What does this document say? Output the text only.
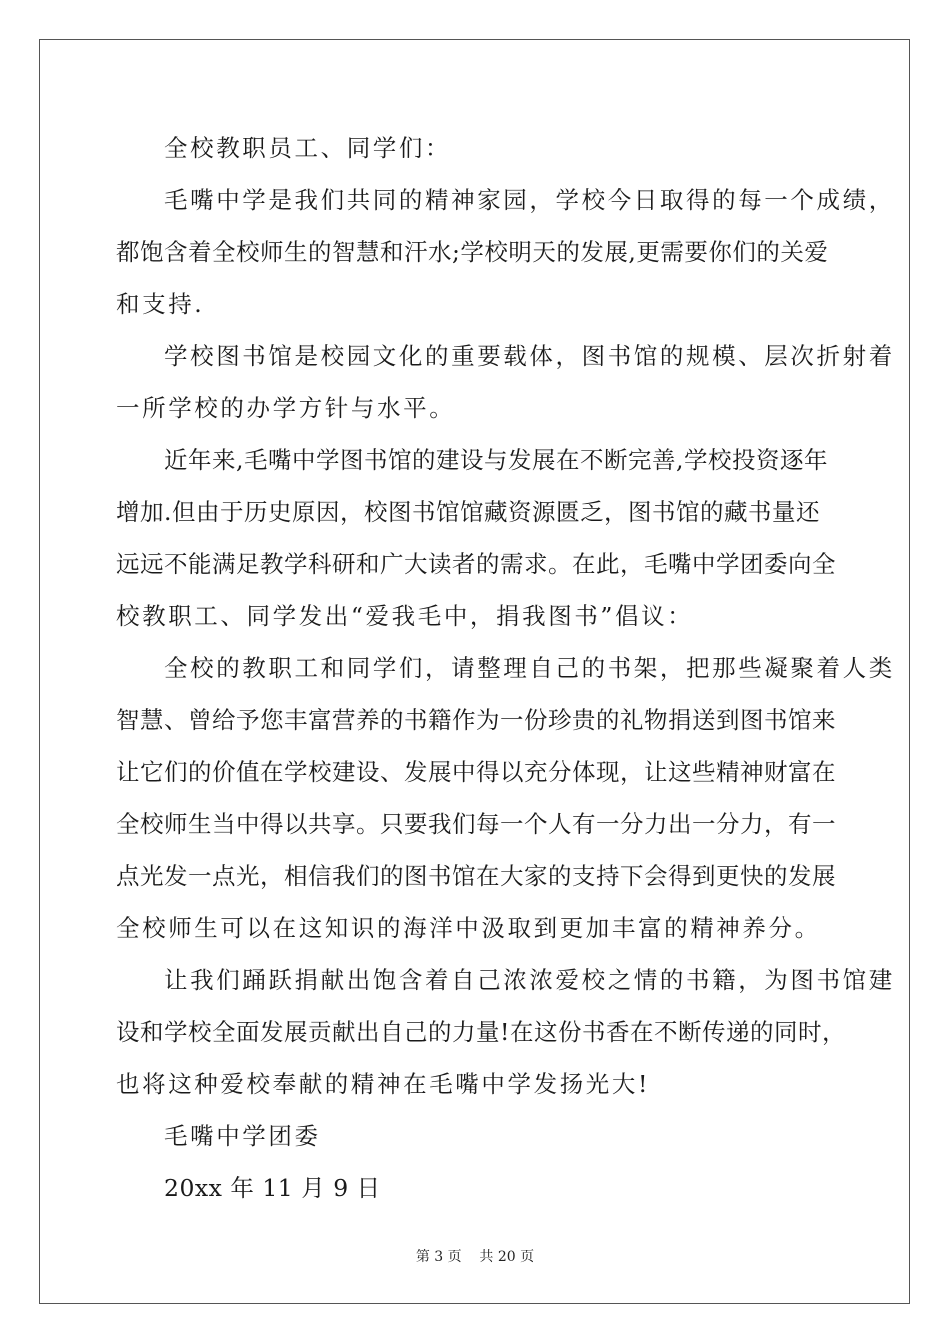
全校教职员工、同学们：
毛嘴中学是我们共同的精神家园，学校今日取得的每一个成绩，
都饱含着全校师生的智慧和汗水;学校明天的发展,更需要你们的关爱
和支持.
学校图书馆是校园文化的重要载体，图书馆的规模、层次折射着
一所学校的办学方针与水平。
近年来,毛嘴中学图书馆的建设与发展在不断完善,学校投资逐年
增加.但由于历史原因，校图书馆馆藏资源匮乏，图书馆的藏书量还
远远不能满足教学科研和广大读者的需求。在此，毛嘴中学团委向全
校教职工、同学发出“爱我毛中，捐我图书”倡议：
全校的教职工和同学们，请整理自己的书架，把那些凝聚着人类
智慧、曾给予您丰富营养的书籍作为一份珍贵的礼物捐送到图书馆来
让它们的价值在学校建设、发展中得以充分体现，让这些精神财富在
全校师生当中得以共享。只要我们每一个人有一分力出一分力，有一
点光发一点光，相信我们的图书馆在大家的支持下会得到更快的发展
全校师生可以在这知识的海洋中汲取到更加丰富的精神养分。
让我们踊跃捐献出饱含着自己浓浓爱校之情的书籍，为图书馆建
设和学校全面发展贡献出自己的力量!在这份书香在不断传递的同时，
也将这种爱校奉献的精神在毛嘴中学发扬光大!
毛嘴中学团委
20xx 年 11 月 9 日
第 3 页    共 20 页
